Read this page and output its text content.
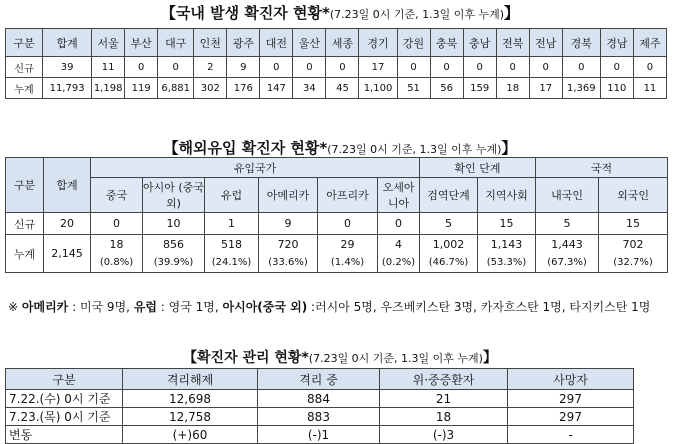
【국내 발생 확진자 현황*(7.23일 0시 기준, 1.3일 이후 누계)】
구분	합계	서울	부산	대구	인천	광주	대전	울산	세종	경기	강원	충북	충남	전북	전남	경북	경남	제주
신규	39	11	0	0	2	9	0	0	0	17	0	0	0	0	0	0	0	0
누계	11,793	1,198	119	6,881	302	176	147	34	45	1,100	51	56	159	18	17	1,369	110	11
【해외유입 확진자 현황*(7.23일 0시 기준, 1.3일 이후 누계)】
구분	합계	유입국가						확인 단계		국적	
		중국	아시아 (중국 외)	유럽	아메리카	아프리카	오세아니아	검역단계	지역사회	내국인	외국인
신규	20	0	10	1	9	0	0	5	15	5	15
누계	2,145	18	856	518	720	29	4	1,002	1,143	1,443	702
		(0.8%)	(39.9%)	(24.1%)	(33.6%)	(1.4%)	(0.2%)	(46.7%)	(53.3%)	(67.3%)	(32.7%)
※ 아메리카 : 미국 9명, 유럽 : 영국 1명, 아시아(중국 외) :러시아 5명, 우즈베키스탄 3명, 카자흐스탄 1명, 타지키스탄 1명
【확진자 관리 현황*(7.23일 0시 기준, 1.3일 이후 누계)】
구분	격리해제	격리 중	위·중증환자	사망자
7.22.(수) 0시 기준	12,698	884	21	297
7.23.(목) 0시 기준	12,758	883	18	297
변동	(+)60	(-)1	(-)3	-
